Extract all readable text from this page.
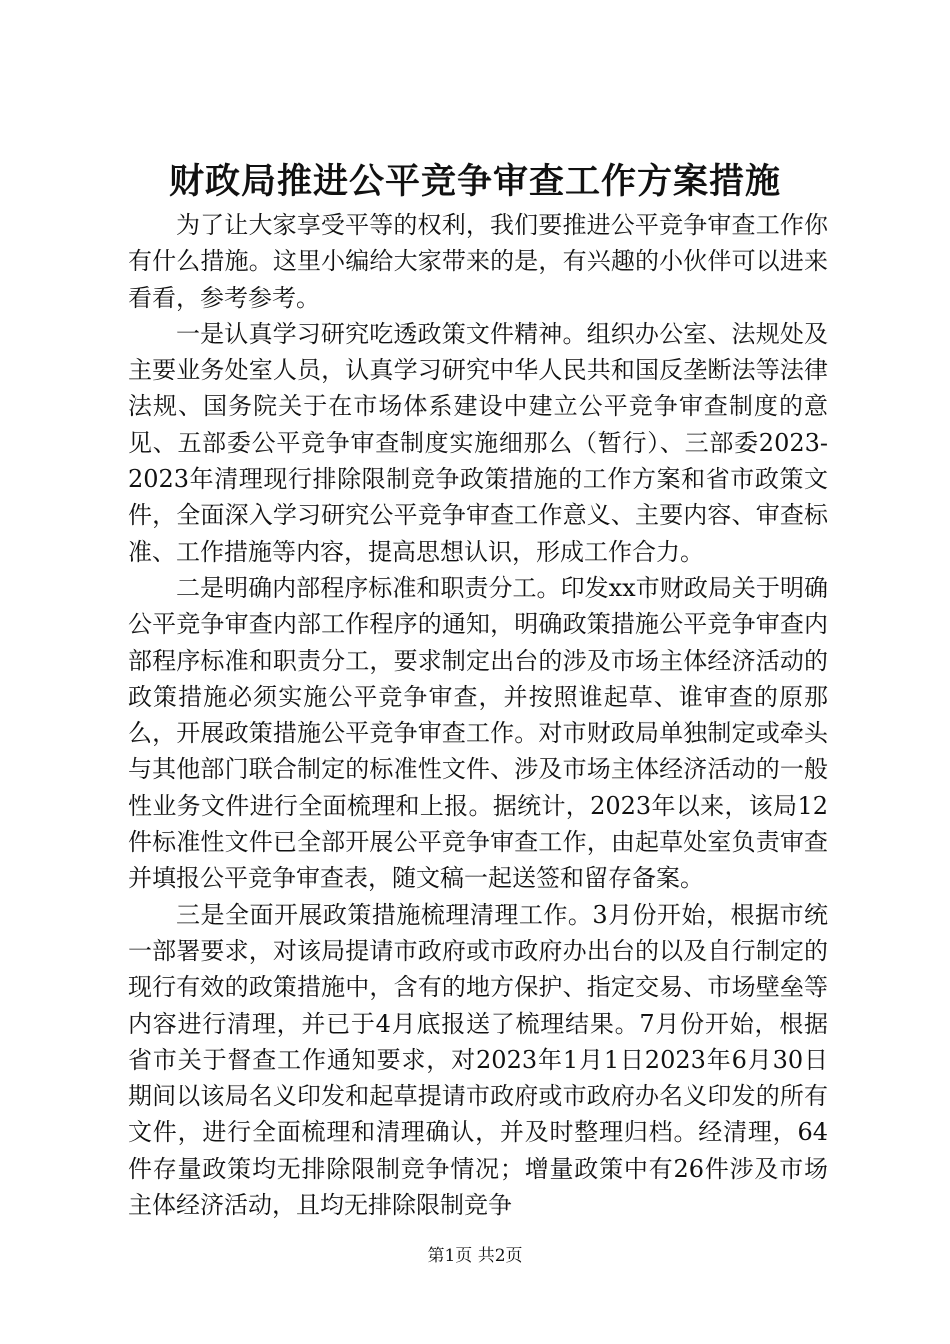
财政局推进公平竞争审查工作方案措施

为了让大家享受平等的权利，我们要推进公平竞争审查工作你有什么措施。这里小编给大家带来的是，有兴趣的小伙伴可以进来看看，参考参考。

一是认真学习研究吃透政策文件精神。组织办公室、法规处及主要业务处室人员，认真学习研究中华人民共和国反垄断法等法律法规、国务院关于在市场体系建设中建立公平竞争审查制度的意见、五部委公平竞争审查制度实施细那么（暂行）、三部委2023-2023年清理现行排除限制竞争政策措施的工作方案和省市政策文件，全面深入学习研究公平竞争审查工作意义、主要内容、审查标准、工作措施等内容，提高思想认识，形成工作合力。

二是明确内部程序标准和职责分工。印发xx市财政局关于明确公平竞争审查内部工作程序的通知，明确政策措施公平竞争审查内部程序标准和职责分工，要求制定出台的涉及市场主体经济活动的政策措施必须实施公平竞争审查，并按照谁起草、谁审查的原那么，开展政策措施公平竞争审查工作。对市财政局单独制定或牵头与其他部门联合制定的标准性文件、涉及市场主体经济活动的一般性业务文件进行全面梳理和上报。据统计，2023年以来，该局12件标准性文件已全部开展公平竞争审查工作，由起草处室负责审查并填报公平竞争审查表，随文稿一起送签和留存备案。

三是全面开展政策措施梳理清理工作。3月份开始，根据市统一部署要求，对该局提请市政府或市政府办出台的以及自行制定的现行有效的政策措施中，含有的地方保护、指定交易、市场壁垒等内容进行清理，并已于4月底报送了梳理结果。7月份开始，根据省市关于督查工作通知要求，对2023年1月1日2023年6月30日期间以该局名义印发和起草提请市政府或市政府办名义印发的所有文件，进行全面梳理和清理确认，并及时整理归档。经清理，64件存量政策均无排除限制竞争情况；增量政策中有26件涉及市场主体经济活动，且均无排除限制竞争

第1页 共2页
